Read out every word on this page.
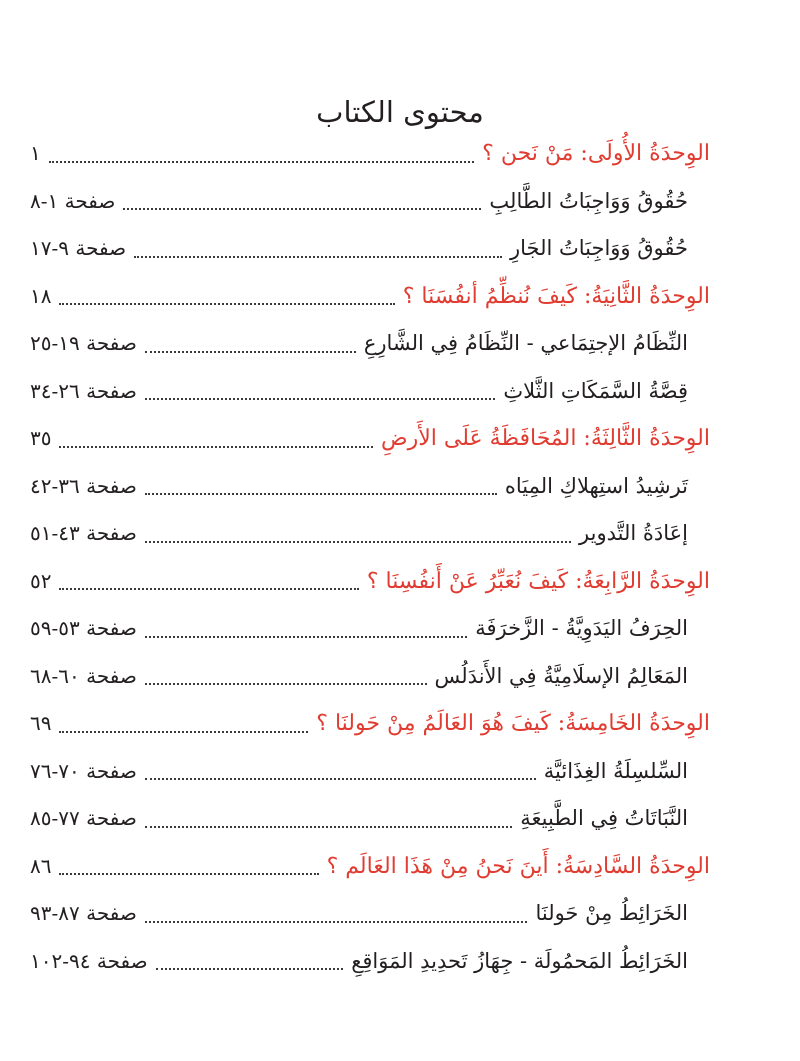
محتوى الكتاب
الوِحدَةُ الأُولَى: مَنْ نَحن ؟
١
حُقُوقُ وَوَاجِبَاتُ الطَّالِبِ
صفحة ١-٨
حُقُوقُ وَوَاجِبَاتُ الجَارِ
صفحة ٩-١٧
الوِحدَةُ الثَّانِيَةُ: كَيفَ نُنظِّمُ أنفُسَنَا ؟
١٨
النِّظَامُ الإجتِمَاعي - النِّظَامُ فِي الشَّارِعِ
صفحة ١٩-٢٥
قِصَّةُ السَّمَكَاتِ الثَّلاثِ
صفحة ٢٦-٣٤
الوِحدَةُ الثَّالِثَةُ: المُحَافَظَةُ عَلَى الأَرضِ
٣٥
تَرشِيدُ استِهلاكِ المِيَاه
صفحة ٣٦-٤٢
إعَادَةُ التَّدوير
صفحة ٤٣-٥١
الوِحدَةُ الرَّابِعَةُ: كَيفَ نُعَبِّرُ عَنْ أَنفُسِنَا ؟
٥٢
الحِرَفُ اليَدَوِيَّةُ - الزَّخرَفَة
صفحة ٥٣-٥٩
المَعَالِمُ الإسلَامِيَّةُ فِي الأَندَلُس
صفحة ٦٠-٦٨
الوِحدَةُ الخَامِسَةُ: كَيفَ هُوَ العَالَمُ مِنْ حَولنَا ؟
٦٩
السِّلسِلَةُ الغِذَائيَّة
صفحة ٧٠-٧٦
النَّبَاتَاتُ فِي الطَّبِيعَةِ
صفحة ٧٧-٨٥
الوِحدَةُ السَّادِسَةُ: أَينَ نَحنُ مِنْ هَذَا العَالَم ؟
٨٦
الخَرَائِطُ مِنْ حَولنَا
صفحة ٨٧-٩٣
الخَرَائِطُ المَحمُولَة - جِهَازُ تَحدِيدِ المَوَاقِعِ
صفحة ٩٤-١٠٢
